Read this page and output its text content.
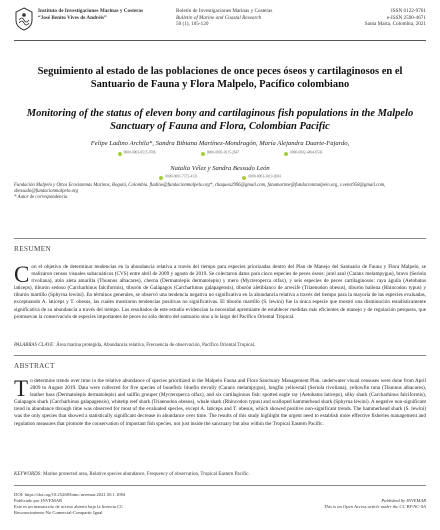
Instituto de Investigaciones Marinas y Costeras
“José Benito Vives de Andréis”
Boletín de Investigaciones Marinas y Costeras
Bulletin of Marine and Coastal Research
50 (1), 105-120
ISSN 0122-9761
e-ISSN 2590-4671
Santa Marta, Colombia, 2021
Seguimiento al estado de las poblaciones de once peces óseos y cartilaginosos en el Santuario de Fauna y Flora Malpelo, Pacífico colombiano
Monitoring of the status of eleven bony and cartilaginous fish populations in the Malpelo Sanctuary of Fauna and Flora, Colombian Pacific
Felipe Ladino Archila*, Sandra Bibiana Martínez-Mondragón, María Alejandra Duarte-Fajardo,
0000-0003-0515-0706	0000-0003-3015-2647	0000-0002-4494-6543
Natalia Vélez y Sandra Bessudo León
0000-0001-7372-4131	0000-0003-3019-2684
Fundación Malpelo y Otros Ecosistemas Marinos, Bogotá, Colombia. fladino@fundacionmalpelo.org*, chaquea2996@gmail.com, fanamarime@fundacionmalpelo.org, v.velez958@gmail.com, sbessudo@fundacionmalpelo.org
* Autor de correspondencia
RESUMEN
C on el objetivo de determinar tendencias en la abundancia relativa a través del tiempo para especies priorizadas dentro del Plan de Manejo del Santuario de Fauna y Flora Malpelo, se realizaron censos visuales subacuáticos (CVS) entre abril de 2009 y agosto de 2019. Se colectaron datos para cinco especies de peces óseos: jurel azul (Caranx melampygus), bravo (Seriola rivoliana), atún aleta amarilla (Thunnus albacares), chernа (Dermatolepis dermatolepis) y mero (Mycteroperca olfax), y seis especies de peces cartilaginosos: raya águila (Aetobatus laticeps), tiburón sedoso (Carcharhinus falciformis), tiburón de Galápagos (Carcharhinus galapagensis), tiburón aletiblanco de arrecife (Triaenodon obesus), tiburón ballena (Rhincodon typus) y tiburón martillo (Sphyrna lewini). En términos generales, se observó una tendencia negativa no significativa en la abundancia relativa a través del tiempo para la mayoría de las especies evaluadas, exceptuando A. laticeps y T. obesus, las cuales mostraron tendencias positivas no significativas. El tiburón martillo (S. lewini) fue la única especie que mostró una disminución estadísticamente significativa de su abundancia a través del tiempo. Los resultados de este estudio evidencian la necesidad apremiante de establecer medidas más eficientes de manejo y de regulación pesquera, que promuevan la conservación de especies importantes de peces no sólo dentro del santuario sino a lo largo del Pacífico Oriental Tropical.
PALABRAS CLAVE: Área marina protegida, Abundancia relativa, Frecuencia de observación, Pacífico Oriental Tropical.
ABSTRACT
T o determine trends over time in the relative abundance of species prioritized in the Malpelo Fauna and Flora Sanctuary Management Plan, underwater visual censuses were done from April 2009 to August 2019. Data were collected for five species of bonefish: bluefin trevally (Caranx melampygus), longfin yellowtail (Seriola rivoliana), yellowfin tuna (Thunnus albacares), leather bass (Dermatolepis dermatolepis) and sailfin grouper (Mycteroperca olfax), and six cartilaginous fish: spotted eagle ray (Aetobatus laticeps), silky shark (Carcharhinus falciformis), Galapagos shark (Carcharhinus galapagensis), whitetip reef shark (Triaenodon obesus), whale shark (Rhincodon typus) and scalloped hammerhead shark (Sphyrna lewini). A negative non-significant trend in abundance through time was observed for most of the evaluated species, except A. laticeps and T. obesus, which showed positive non-significant trends. The hammerhead shark (S. lewini) was the only species that showed a statistically significant decrease in abundance over time. The results of this study highlight the urgent need to establish more effective fisheries management and regulation measures that promote the conservation of important fish species, not just inside the sanctuary but also within the Tropical Eastern Pacific.
KEYWORDS: Marine protected area, Relative species abundance, Frequency of observation, Tropical Eastern Pacific.
DOI: https://doi.org/10.25268/bimc.invemar.2021.50.1.1084
Publicado por INVEMAR
Este es un manuscrito de acceso abierto bajo la licencia CC
Reconocimiento-No Comercial-Compartir Igual
Published by INVEMAR
This is an Open Access article under the CC BY-NC-SA
